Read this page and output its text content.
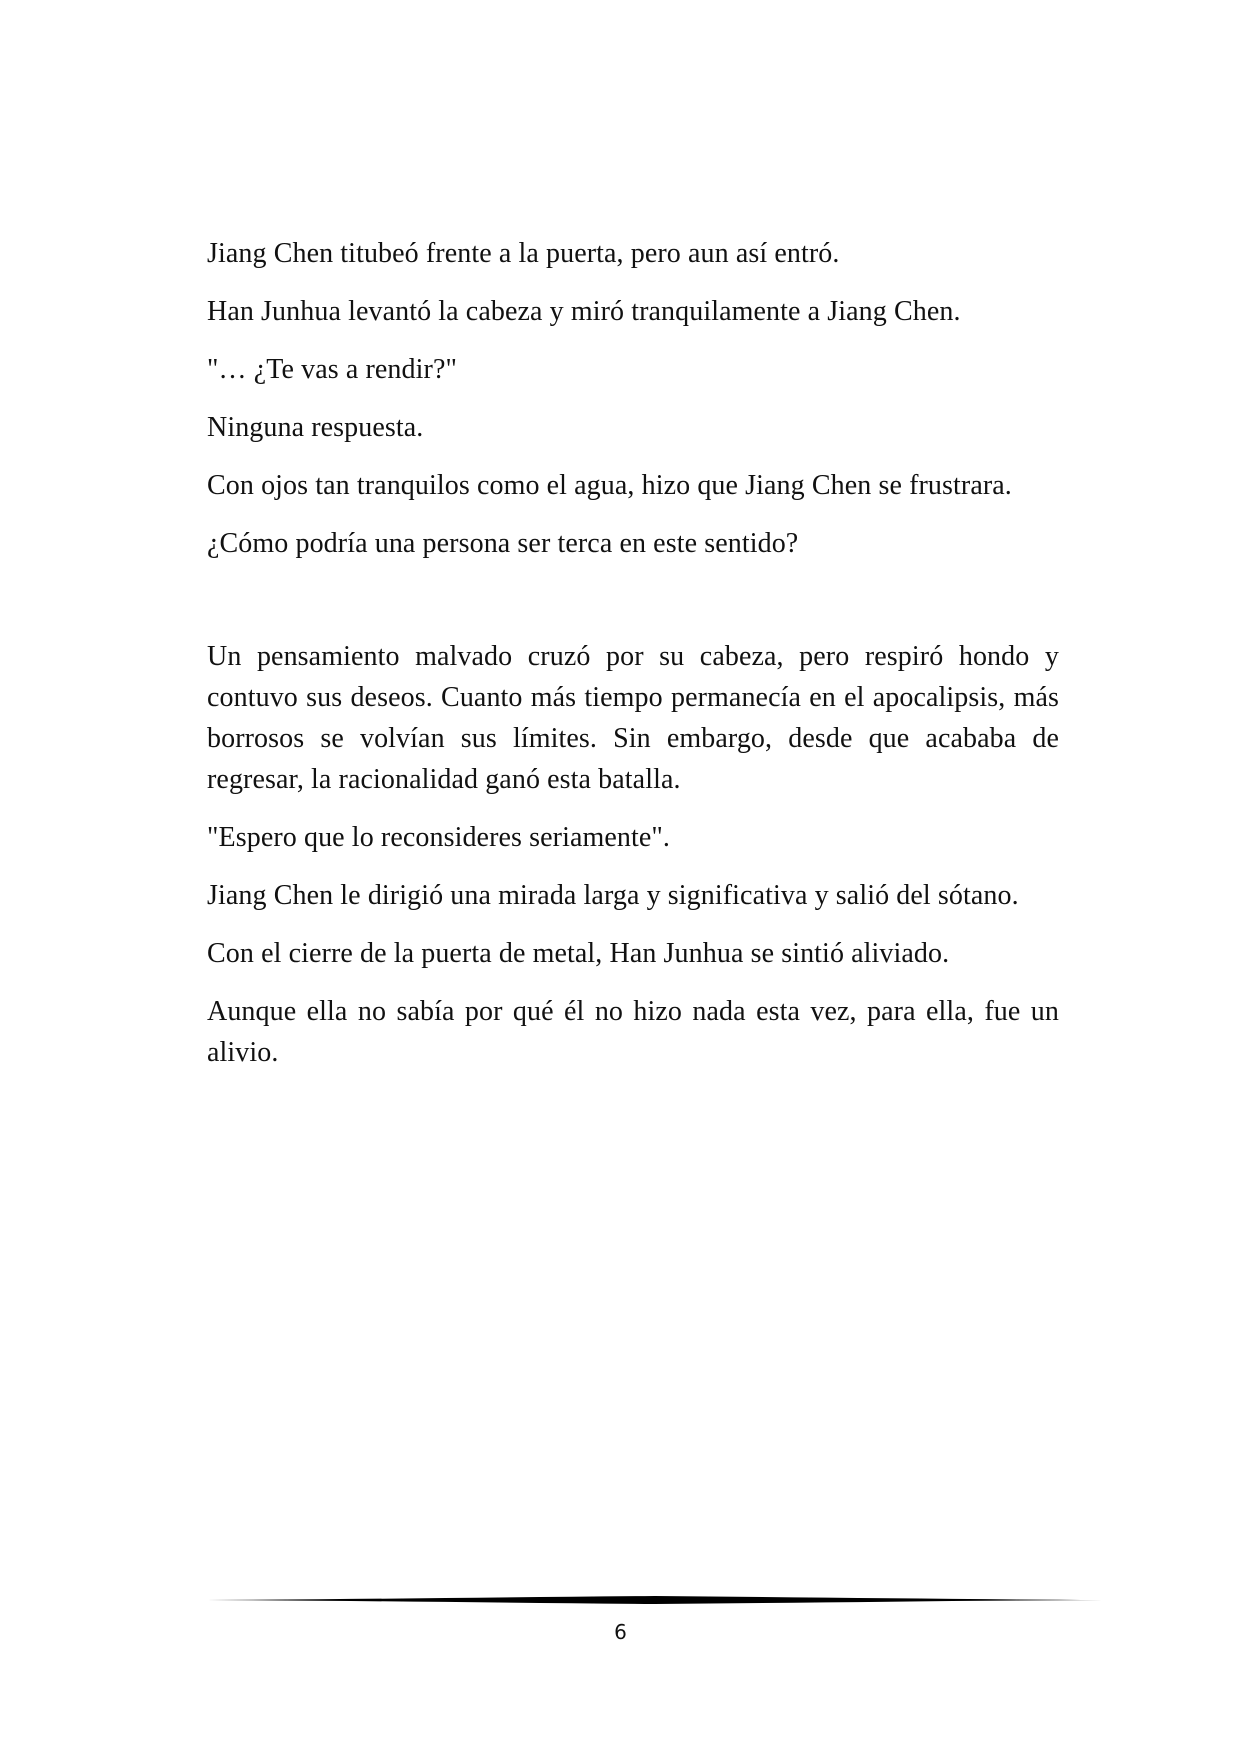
Jiang Chen titubeó frente a la puerta, pero aun así entró.

Han Junhua levantó la cabeza y miró tranquilamente a Jiang Chen.

"… ¿Te vas a rendir?"

Ninguna respuesta.

Con ojos tan tranquilos como el agua, hizo que Jiang Chen se frustrara.

¿Cómo podría una persona ser terca en este sentido?

Un pensamiento malvado cruzó por su cabeza, pero respiró hondo y contuvo sus deseos. Cuanto más tiempo permanecía en el apocalipsis, más borrosos se volvían sus límites. Sin embargo, desde que acababa de regresar, la racionalidad ganó esta batalla.

"Espero que lo reconsideres seriamente".

Jiang Chen le dirigió una mirada larga y significativa y salió del sótano.

Con el cierre de la puerta de metal, Han Junhua se sintió aliviado.

Aunque ella no sabía por qué él no hizo nada esta vez, para ella, fue un alivio.

6
